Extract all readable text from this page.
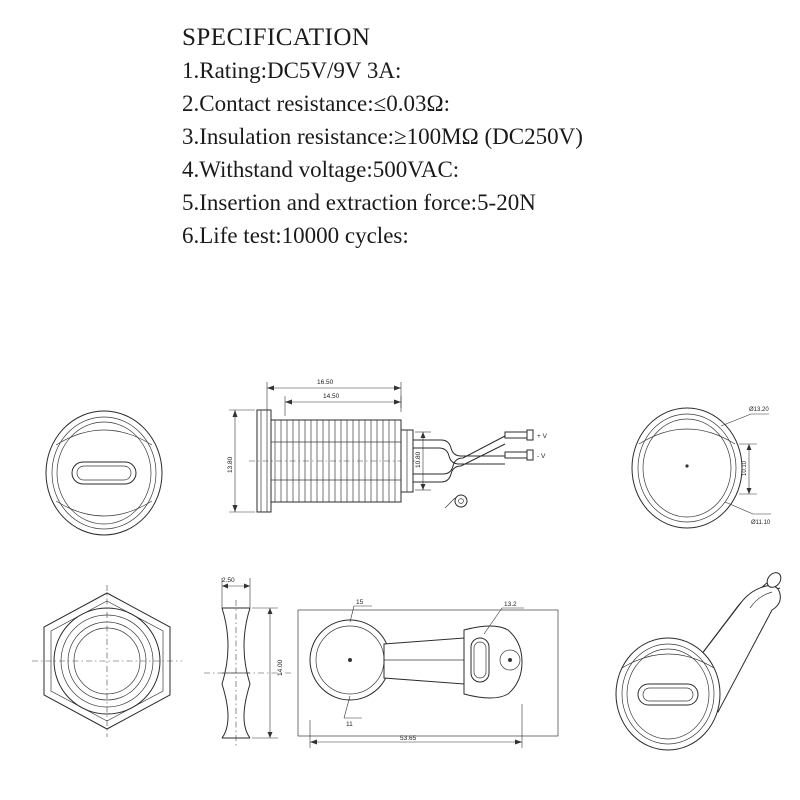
SPECIFICATION
1.Rating:DC5V/9V 3A:
2.Contact resistance:≤0.03Ω:
3.Insulation resistance:≥100MΩ (DC250V)
4.Withstand voltage:500VAC:
5.Insertion and extraction force:5-20N
6.Life test:10000 cycles:
16.50
14.50
13.80	10.80
+ V
- V
Ø13.20
Ø11.10
10.10
2.50
14.00
15
11
13.2
53.65
